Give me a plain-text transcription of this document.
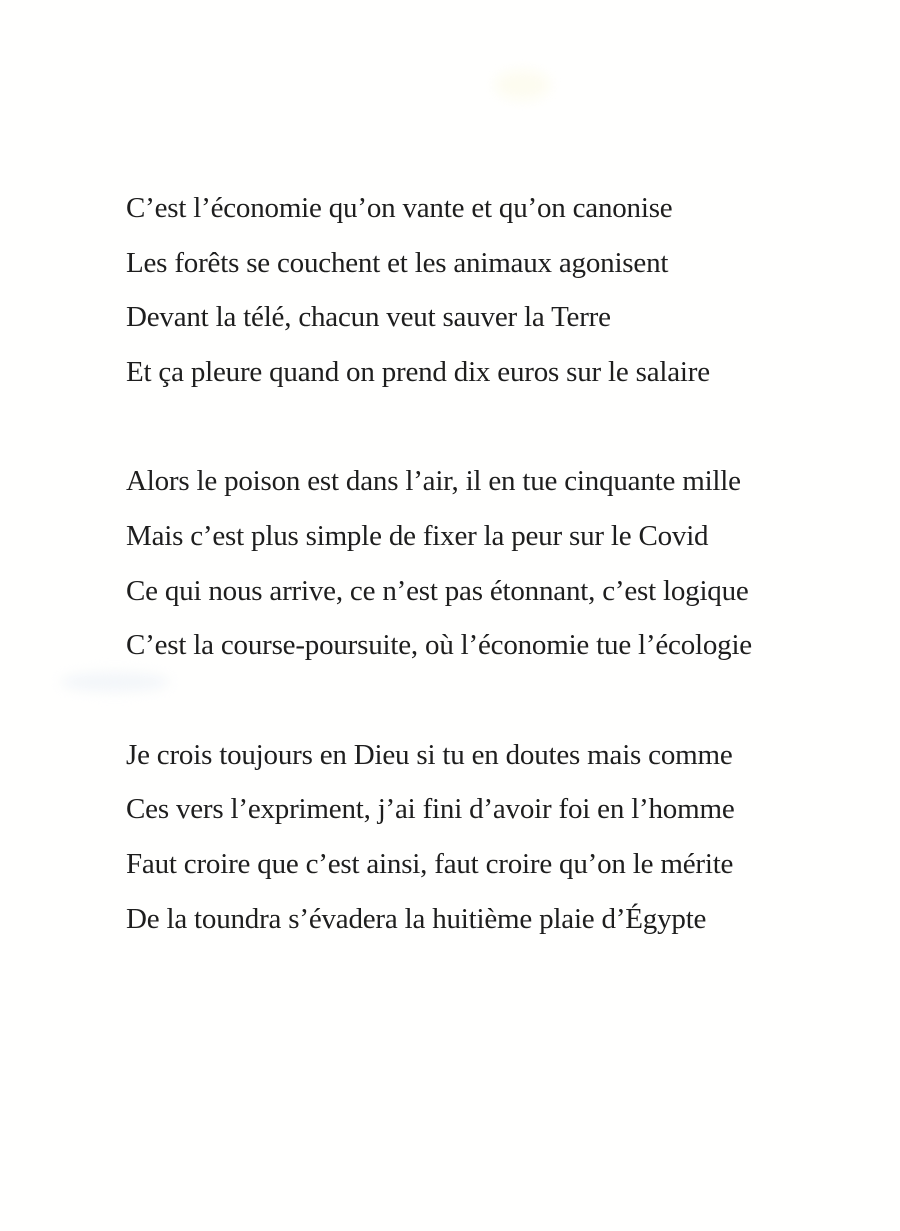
C’est l’économie qu’on vante et qu’on canonise

Les forêts se couchent et les animaux agonisent

Devant la télé, chacun veut sauver la Terre

Et ça pleure quand on prend dix euros sur le salaire

Alors le poison est dans l’air, il en tue cinquante mille

Mais c’est plus simple de fixer la peur sur le Covid

Ce qui nous arrive, ce n’est pas étonnant, c’est logique

C’est la course-poursuite, où l’économie tue l’écologie

Je crois toujours en Dieu si tu en doutes mais comme

Ces vers l’expriment, j’ai fini d’avoir foi en l’homme

Faut croire que c’est ainsi, faut croire qu’on le mérite

De la toundra s’évadera la huitième plaie d’Égypte
